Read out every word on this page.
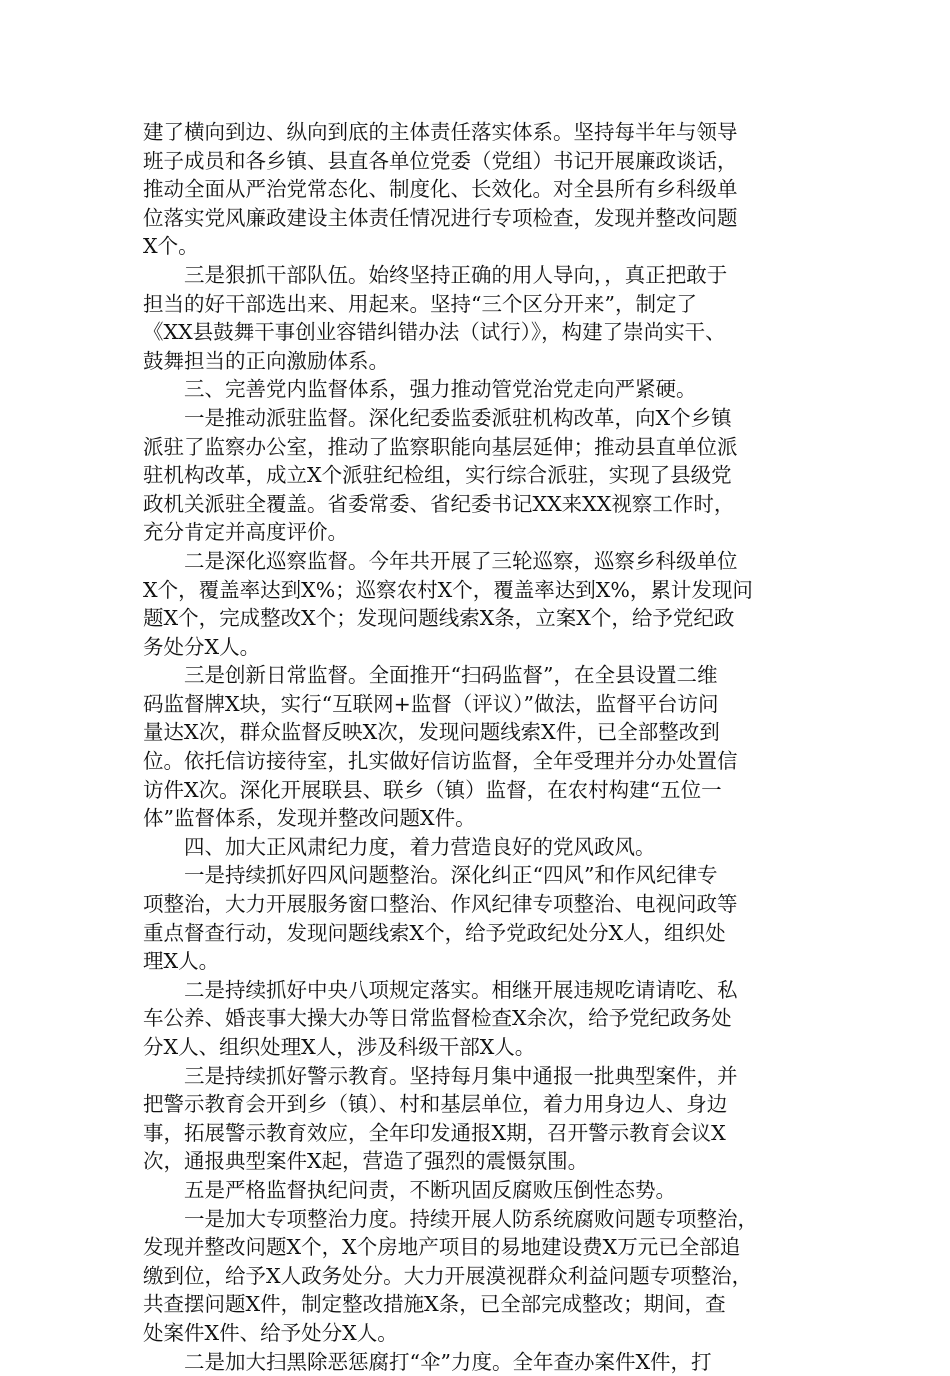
建了横向到边、纵向到底的主体责任落实体系。坚持每半年与领导
班子成员和各乡镇、县直各单位党委（党组）书记开展廉政谈话，
推动全面从严治党常态化、制度化、长效化。对全县所有乡科级单
位落实党风廉政建设主体责任情况进行专项检查，发现并整改问题
X个。
　　三是狠抓干部队伍。始终坚持正确的用人导向，，真正把敢于
担当的好干部选出来、用起来。坚持“三个区分开来”，制定了
《XX县鼓舞干事创业容错纠错办法（试行）》，构建了崇尚实干、
鼓舞担当的正向激励体系。
　　三、完善党内监督体系，强力推动管党治党走向严紧硬。
　　一是推动派驻监督。深化纪委监委派驻机构改革，向X个乡镇
派驻了监察办公室，推动了监察职能向基层延伸；推动县直单位派
驻机构改革，成立X个派驻纪检组，实行综合派驻，实现了县级党
政机关派驻全覆盖。省委常委、省纪委书记XX来XX视察工作时，
充分肯定并高度评价。
　　二是深化巡察监督。今年共开展了三轮巡察，巡察乡科级单位
X个，覆盖率达到X%；巡察农村X个，覆盖率达到X%，累计发现问
题X个，完成整改X个；发现问题线索X条，立案X个，给予党纪政
务处分X人。
　　三是创新日常监督。全面推开“扫码监督”，在全县设置二维
码监督牌X块，实行“互联网+监督（评议）”做法，监督平台访问
量达X次，群众监督反映X次，发现问题线索X件，已全部整改到
位。依托信访接待室，扎实做好信访监督，全年受理并分办处置信
访件X次。深化开展联县、联乡（镇）监督，在农村构建“五位一
体”监督体系，发现并整改问题X件。
　　四、加大正风肃纪力度，着力营造良好的党风政风。
　　一是持续抓好四风问题整治。深化纠正“四风”和作风纪律专
项整治，大力开展服务窗口整治、作风纪律专项整治、电视问政等
重点督查行动，发现问题线索X个，给予党政纪处分X人，组织处
理X人。
　　二是持续抓好中央八项规定落实。相继开展违规吃请请吃、私
车公养、婚丧事大操大办等日常监督检查X余次，给予党纪政务处
分X人、组织处理X人，涉及科级干部X人。
　　三是持续抓好警示教育。坚持每月集中通报一批典型案件，并
把警示教育会开到乡（镇）、村和基层单位，着力用身边人、身边
事，拓展警示教育效应，全年印发通报X期，召开警示教育会议X
次，通报典型案件X起，营造了强烈的震慑氛围。
　　五是严格监督执纪问责，不断巩固反腐败压倒性态势。
　　一是加大专项整治力度。持续开展人防系统腐败问题专项整治，
发现并整改问题X个，X个房地产项目的易地建设费X万元已全部追
缴到位，给予X人政务处分。大力开展漠视群众利益问题专项整治，
共查摆问题X件，制定整改措施X条，已全部完成整改；期间，查
处案件X件、给予处分X人。
　　二是加大扫黑除恶惩腐打“伞”力度。全年查办案件X件，打
